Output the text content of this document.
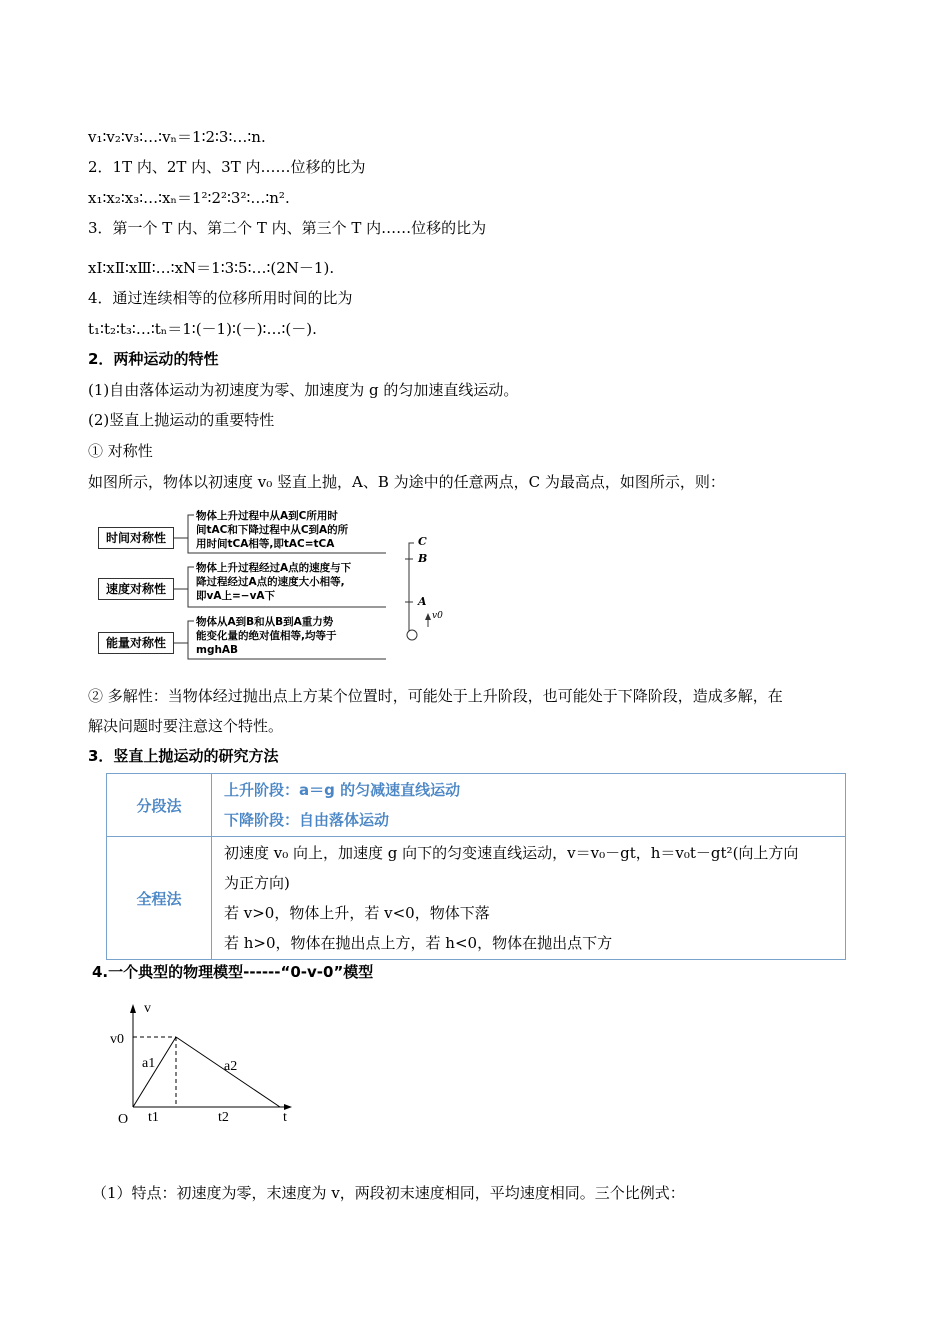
v₁∶v₂∶v₃∶…∶vₙ＝1∶2∶3∶…∶n.
2．1T 内、2T 内、3T 内……位移的比为
x₁∶x₂∶x₃∶…∶xₙ＝1²∶2²∶3²∶…∶n².
3．第一个 T 内、第二个 T 内、第三个 T 内……位移的比为
xⅠ∶xⅡ∶xⅢ∶…∶xN＝1∶3∶5∶…∶(2N－1).
4．通过连续相等的位移所用时间的比为
t₁∶t₂∶t₃∶…∶tₙ＝1∶(－1)∶(－)∶…∶(－).
2．两种运动的特性
(1)自由落体运动为初速度为零、加速度为 g 的匀加速直线运动。
(2)竖直上抛运动的重要特性
① 对称性
如图所示，物体以初速度 v₀ 竖直上抛，A、B 为途中的任意两点，C 为最高点，如图所示，则：
时间对称性
速度对称性
能量对称性
物体上升过程中从A到C所用时
间tAC和下降过程中从C到A的所
用时间tCA相等,即tAC=tCA
物体上升过程经过A点的速度与下
降过程经过A点的速度大小相等,
即vA上=−vA下
物体从A到B和从B到A重力势
能变化量的绝对值相等,均等于
mghAB
C
B
A
v0
② 多解性：当物体经过抛出点上方某个位置时，可能处于上升阶段，也可能处于下降阶段，造成多解，在
解决问题时要注意这个特性。
3．竖直上抛运动的研究方法
分段法	上升阶段：a＝g 的匀减速直线运动
下降阶段：自由落体运动

全程法	初速度 v₀ 向上，加速度 g 向下的匀变速直线运动，v＝v₀－gt，h＝v₀t－gt²(向上方向
为正方向)
若 v>0，物体上升，若 v<0，物体下落
若 h>0，物体在抛出点上方，若 h<0，物体在抛出点下方
4.一个典型的物理模型------“0-v-0”模型
v
v0
a1	a2
O t1	t2	t
（1）特点：初速度为零，末速度为 v，两段初末速度相同，平均速度相同。三个比例式：
